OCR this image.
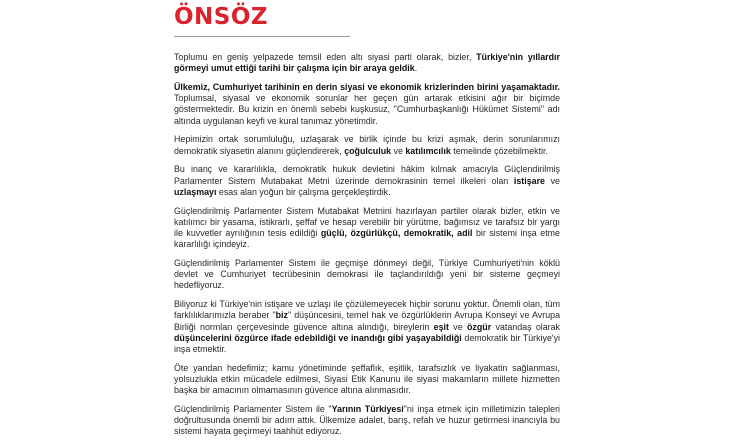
ÖNSÖZ

Toplumu en geniş yelpazede temsil eden altı siyasi parti olarak, bizler, Türkiye'nin yıllardır görmeyi umut ettiği tarihi bir çalışma için bir araya geldik.

Ülkemiz, Cumhuriyet tarihinin en derin siyasi ve ekonomik krizlerinden birini yaşamaktadır. Toplumsal, siyasal ve ekonomik sorunlar her geçen gün artarak etkisini ağır bir biçimde göstermektedir. Bu krizin en önemli sebebi kuşkusuz, "Cumhurbaşkanlığı Hükümet Sistemi" adı altında uygulanan keyfi ve kural tanımaz yönetimdir.

Hepimizin ortak sorumluluğu, uzlaşarak ve birlik içinde bu krizi aşmak, derin sorunlarımızı demokratik siyasetin alanını güçlendirerek, çoğulculuk ve katılımcılık temelinde çözebilmektir.

Bu inanç ve kararlılıkla, demokratik hukuk devletini hâkim kılmak amacıyla Güçlendirilmiş Parlamenter Sistem Mutabakat Metni üzerinde demokrasinin temel ilkeleri olan istişare ve uzlaşmayı esas alan yoğun bir çalışma gerçekleştirdik.

Güçlendirilmiş Parlamenter Sistem Mutabakat Metnini hazırlayan partiler olarak bizler, etkin ve katılımcı bir yasama, istikrarlı, şeffaf ve hesap verebilir bir yürütme, bağımsız ve tarafsız bir yargı ile kuvvetler ayrılığının tesis edildiği güçlü, özgürlükçü, demokratik, adil bir sistemi inşa etme kararlılığı içindeyiz.

Güçlendirilmiş Parlamenter Sistem ile geçmişe dönmeyi değil, Türkiye Cumhuriyeti'nin köklü devlet ve Cumhuriyet tecrübesinin demokrasi ile taçlandırıldığı yeni bir sisteme geçmeyi hedefliyoruz.

Biliyoruz ki Türkiye'nin istişare ve uzlaşı ile çözülemeyecek hiçbir sorunu yoktur. Önemli olan, tüm farklılıklarımızla beraber "biz" düşüncesini, temel hak ve özgürlüklerin Avrupa Konseyi ve Avrupa Birliği normları çerçevesinde güvence altına alındığı, bireylerin eşit ve özgür vatandaş olarak düşüncelerini özgürce ifade edebildiği ve inandığı gibi yaşayabildiği demokratik bir Türkiye'yi inşa etmektir.

Öte yandan hedefimiz; kamu yönetiminde şeffaflık, eşitlik, tarafsızlık ve liyakatin sağlanması, yolsuzlukla etkin mücadele edilmesi, Siyasi Etik Kanunu ile siyasi makamların millete hizmetten başka bir amacının olmamasının güvence altına alınmasıdır.

Güçlendirilmiş Parlamenter Sistem ile "Yarının Türkiyesi"ni inşa etmek için milletimizin talepleri doğrultusunda önemli bir adım attık. Ülkemize adalet, barış, refah ve huzur getirmesi inancıyla bu sistemi hayata geçirmeyi taahhüt ediyoruz.
